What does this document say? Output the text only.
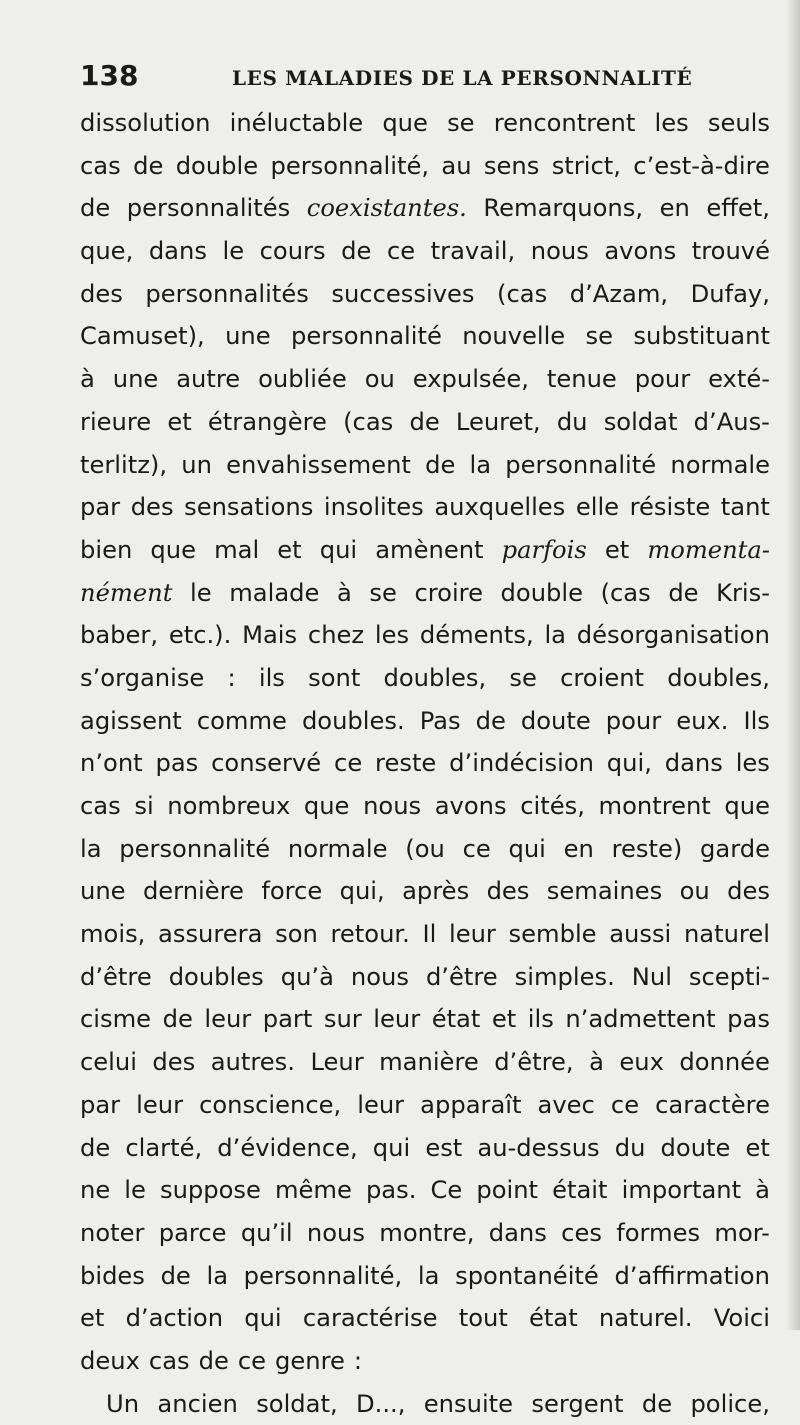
138	LES MALADIES DE LA PERSONNALITÉ
dissolution inéluctable que se rencontrent les seuls
cas de double personnalité, au sens strict, c’est-à-dire
de personnalités coexistantes. Remarquons, en effet,
que, dans le cours de ce travail, nous avons trouvé
des personnalités successives (cas d’Azam, Dufay,
Camuset), une personnalité nouvelle se substituant
à une autre oubliée ou expulsée, tenue pour exté-
rieure et étrangère (cas de Leuret, du soldat d’Aus-
terlitz), un envahissement de la personnalité normale
par des sensations insolites auxquelles elle résiste tant
bien que mal et qui amènent parfois et momenta-
nément le malade à se croire double (cas de Kris-
baber, etc.). Mais chez les déments, la désorganisation
s’organise : ils sont doubles, se croient doubles,
agissent comme doubles. Pas de doute pour eux. Ils
n’ont pas conservé ce reste d’indécision qui, dans les
cas si nombreux que nous avons cités, montrent que
la personnalité normale (ou ce qui en reste) garde
une dernière force qui, après des semaines ou des
mois, assurera son retour. Il leur semble aussi naturel
d’être doubles qu’à nous d’être simples. Nul scepti-
cisme de leur part sur leur état et ils n’admettent pas
celui des autres. Leur manière d’être, à eux donnée
par leur conscience, leur apparaît avec ce caractère
de clarté, d’évidence, qui est au-dessus du doute et
ne le suppose même pas. Ce point était important à
noter parce qu’il nous montre, dans ces formes mor-
bides de la personnalité, la spontanéité d’affirmation
et d’action qui caractérise tout état naturel. Voici
deux cas de ce genre :
Un ancien soldat, D..., ensuite sergent de police,
